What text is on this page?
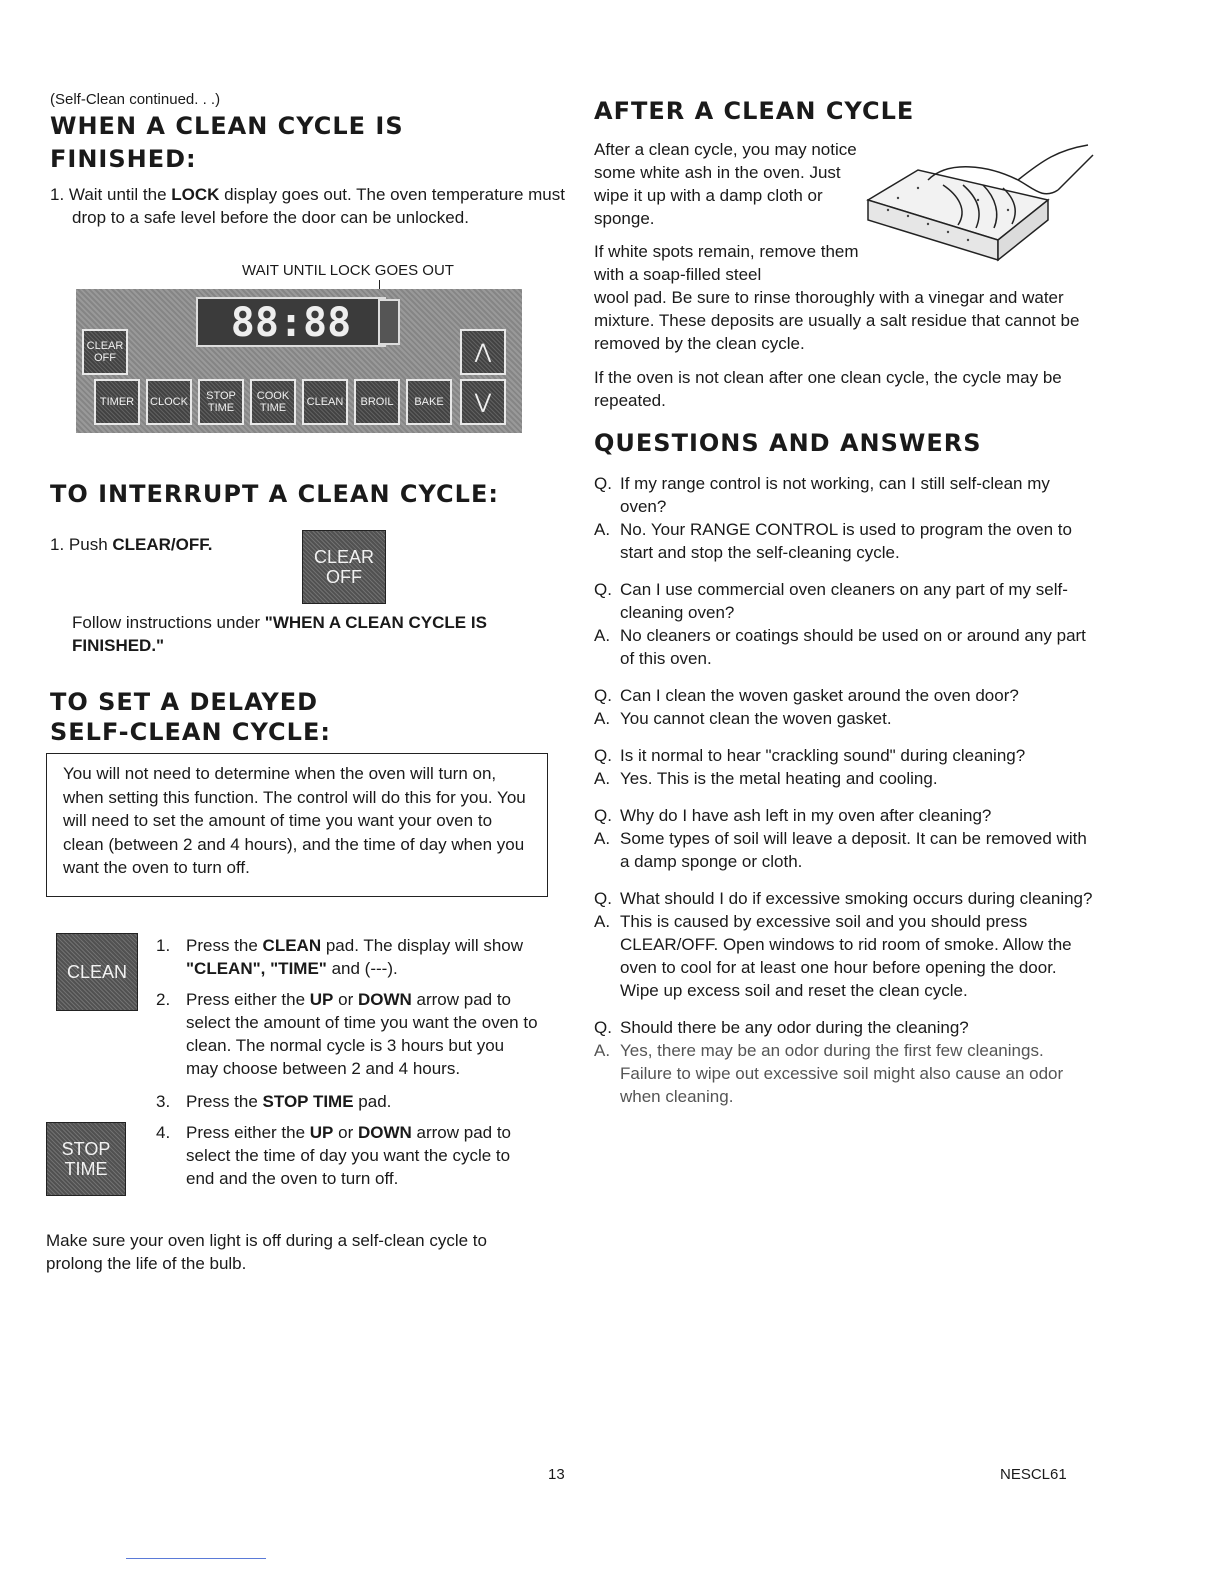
(Self-Clean continued. . .)
WHEN A CLEAN CYCLE IS FINISHED:

1. Wait until the LOCK display goes out. The oven temperature must drop to a safe level before the door can be unlocked.

WAIT UNTIL LOCK GOES OUT
CLEAR OFF
88:88
⋀
⋁
TIMER	CLOCK	STOP TIME
COOK TIME	CLEAN	BROIL	BAKE
TO INTERRUPT A CLEAN CYCLE:

1. Push CLEAR/OFF.

CLEAR OFF

Follow instructions under "WHEN A CLEAN CYCLE IS FINISHED."

TO SET A DELAYED
SELF-CLEAN CYCLE:

You will not need to determine when the oven will turn on, when setting this function. The control will do this for you. You will need to set the amount of time you want your oven to clean (between 2 and 4 hours), and the time of day when you want the oven to turn off.

CLEAN
STOP TIME
1. Press the CLEAN pad. The display will show "CLEAN", "TIME" and (---).
2. Press either the UP or DOWN arrow pad to select the amount of time you want the oven to clean. The normal cycle is 3 hours but you may choose between 2 and 4 hours.
3. Press the STOP TIME pad.
4. Press either the UP or DOWN arrow pad to select the time of day you want the cycle to end and the oven to turn off.

Make sure your oven light is off during a self-clean cycle to prolong the life of the bulb.

AFTER A CLEAN CYCLE

After a clean cycle, you may notice some white ash in the oven. Just wipe it up with a damp cloth or sponge.

If white spots remain, remove them with a soap-filled steel

wool pad. Be sure to rinse thoroughly with a vinegar and water mixture. These deposits are usually a salt residue that cannot be removed by the clean cycle.

If the oven is not clean after one clean cycle, the cycle may be repeated.

QUESTIONS AND ANSWERS
Q. If my range control is not working, can I still self-clean my oven?
A. No. Your RANGE CONTROL is used to program the oven to start and stop the self-cleaning cycle.
Q. Can I use commercial oven cleaners on any part of my self-cleaning oven?
A. No cleaners or coatings should be used on or around any part of this oven.
Q. Can I clean the woven gasket around the oven door?
A. You cannot clean the woven gasket.
Q. Is it normal to hear "crackling sound" during cleaning?
A. Yes. This is the metal heating and cooling.
Q. Why do I have ash left in my oven after cleaning?
A. Some types of soil will leave a deposit. It can be removed with a damp sponge or cloth.
Q. What should I do if excessive smoking occurs during cleaning?
A. This is caused by excessive soil and you should press CLEAR/OFF. Open windows to rid room of smoke. Allow the oven to cool for at least one hour before opening the door. Wipe up excess soil and reset the clean cycle.
Q. Should there be any odor during the cleaning?
A. Yes, there may be an odor during the first few cleanings. Failure to wipe out excessive soil might also cause an odor when cleaning.
13	NESCL61
